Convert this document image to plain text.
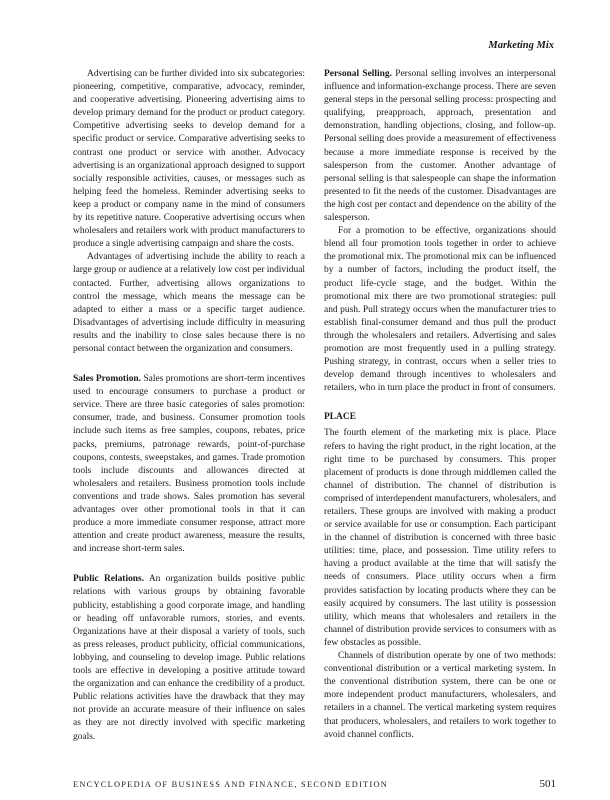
Marketing Mix

Advertising can be further divided into six subcategories: pioneering, competitive, comparative, advocacy, reminder, and cooperative advertising. Pioneering advertising aims to develop primary demand for the product or product category. Competitive advertising seeks to develop demand for a specific product or service. Comparative advertising seeks to contrast one product or service with another. Advocacy advertising is an organizational approach designed to support socially responsible activities, causes, or messages such as helping feed the homeless. Reminder advertising seeks to keep a product or company name in the mind of consumers by its repetitive nature. Cooperative advertising occurs when wholesalers and retailers work with product manufacturers to produce a single advertising campaign and share the costs.

Advantages of advertising include the ability to reach a large group or audience at a relatively low cost per individual contacted. Further, advertising allows organizations to control the message, which means the message can be adapted to either a mass or a specific target audience. Disadvantages of advertising include difficulty in measuring results and the inability to close sales because there is no personal contact between the organization and consumers.

Sales Promotion. Sales promotions are short-term incentives used to encourage consumers to purchase a product or service. There are three basic categories of sales promotion: consumer, trade, and business. Consumer promotion tools include such items as free samples, coupons, rebates, price packs, premiums, patronage rewards, point-of-purchase coupons, contests, sweepstakes, and games. Trade promotion tools include discounts and allowances directed at wholesalers and retailers. Business promotion tools include conventions and trade shows. Sales promotion has several advantages over other promotional tools in that it can produce a more immediate consumer response, attract more attention and create product awareness, measure the results, and increase short-term sales.

Public Relations. An organization builds positive public relations with various groups by obtaining favorable publicity, establishing a good corporate image, and handling or heading off unfavorable rumors, stories, and events. Organizations have at their disposal a variety of tools, such as press releases, product publicity, official communications, lobbying, and counseling to develop image. Public relations tools are effective in developing a positive attitude toward the organization and can enhance the credibility of a product. Public relations activities have the drawback that they may not provide an accurate measure of their influence on sales as they are not directly involved with specific marketing goals.

Personal Selling. Personal selling involves an interpersonal influence and information-exchange process. There are seven general steps in the personal selling process: prospecting and qualifying, preapproach, approach, presentation and demonstration, handling objections, closing, and follow-up. Personal selling does provide a measurement of effectiveness because a more immediate response is received by the salesperson from the customer. Another advantage of personal selling is that salespeople can shape the information presented to fit the needs of the customer. Disadvantages are the high cost per contact and dependence on the ability of the salesperson.

For a promotion to be effective, organizations should blend all four promotion tools together in order to achieve the promotional mix. The promotional mix can be influenced by a number of factors, including the product itself, the product life-cycle stage, and the budget. Within the promotional mix there are two promotional strategies: pull and push. Pull strategy occurs when the manufacturer tries to establish final-consumer demand and thus pull the product through the wholesalers and retailers. Advertising and sales promotion are most frequently used in a pulling strategy. Pushing strategy, in contrast, occurs when a seller tries to develop demand through incentives to wholesalers and retailers, who in turn place the product in front of consumers.

PLACE

The fourth element of the marketing mix is place. Place refers to having the right product, in the right location, at the right time to be purchased by consumers. This proper placement of products is done through middlemen called the channel of distribution. The channel of distribution is comprised of interdependent manufacturers, wholesalers, and retailers. These groups are involved with making a product or service available for use or consumption. Each participant in the channel of distribution is concerned with three basic utilities: time, place, and possession. Time utility refers to having a product available at the time that will satisfy the needs of consumers. Place utility occurs when a firm provides satisfaction by locating products where they can be easily acquired by consumers. The last utility is possession utility, which means that wholesalers and retailers in the channel of distribution provide services to consumers with as few obstacles as possible.

Channels of distribution operate by one of two methods: conventional distribution or a vertical marketing system. In the conventional distribution system, there can be one or more independent product manufacturers, wholesalers, and retailers in a channel. The vertical marketing system requires that producers, wholesalers, and retailers to work together to avoid channel conflicts.

ENCYCLOPEDIA OF BUSINESS AND FINANCE, SECOND EDITION	501
